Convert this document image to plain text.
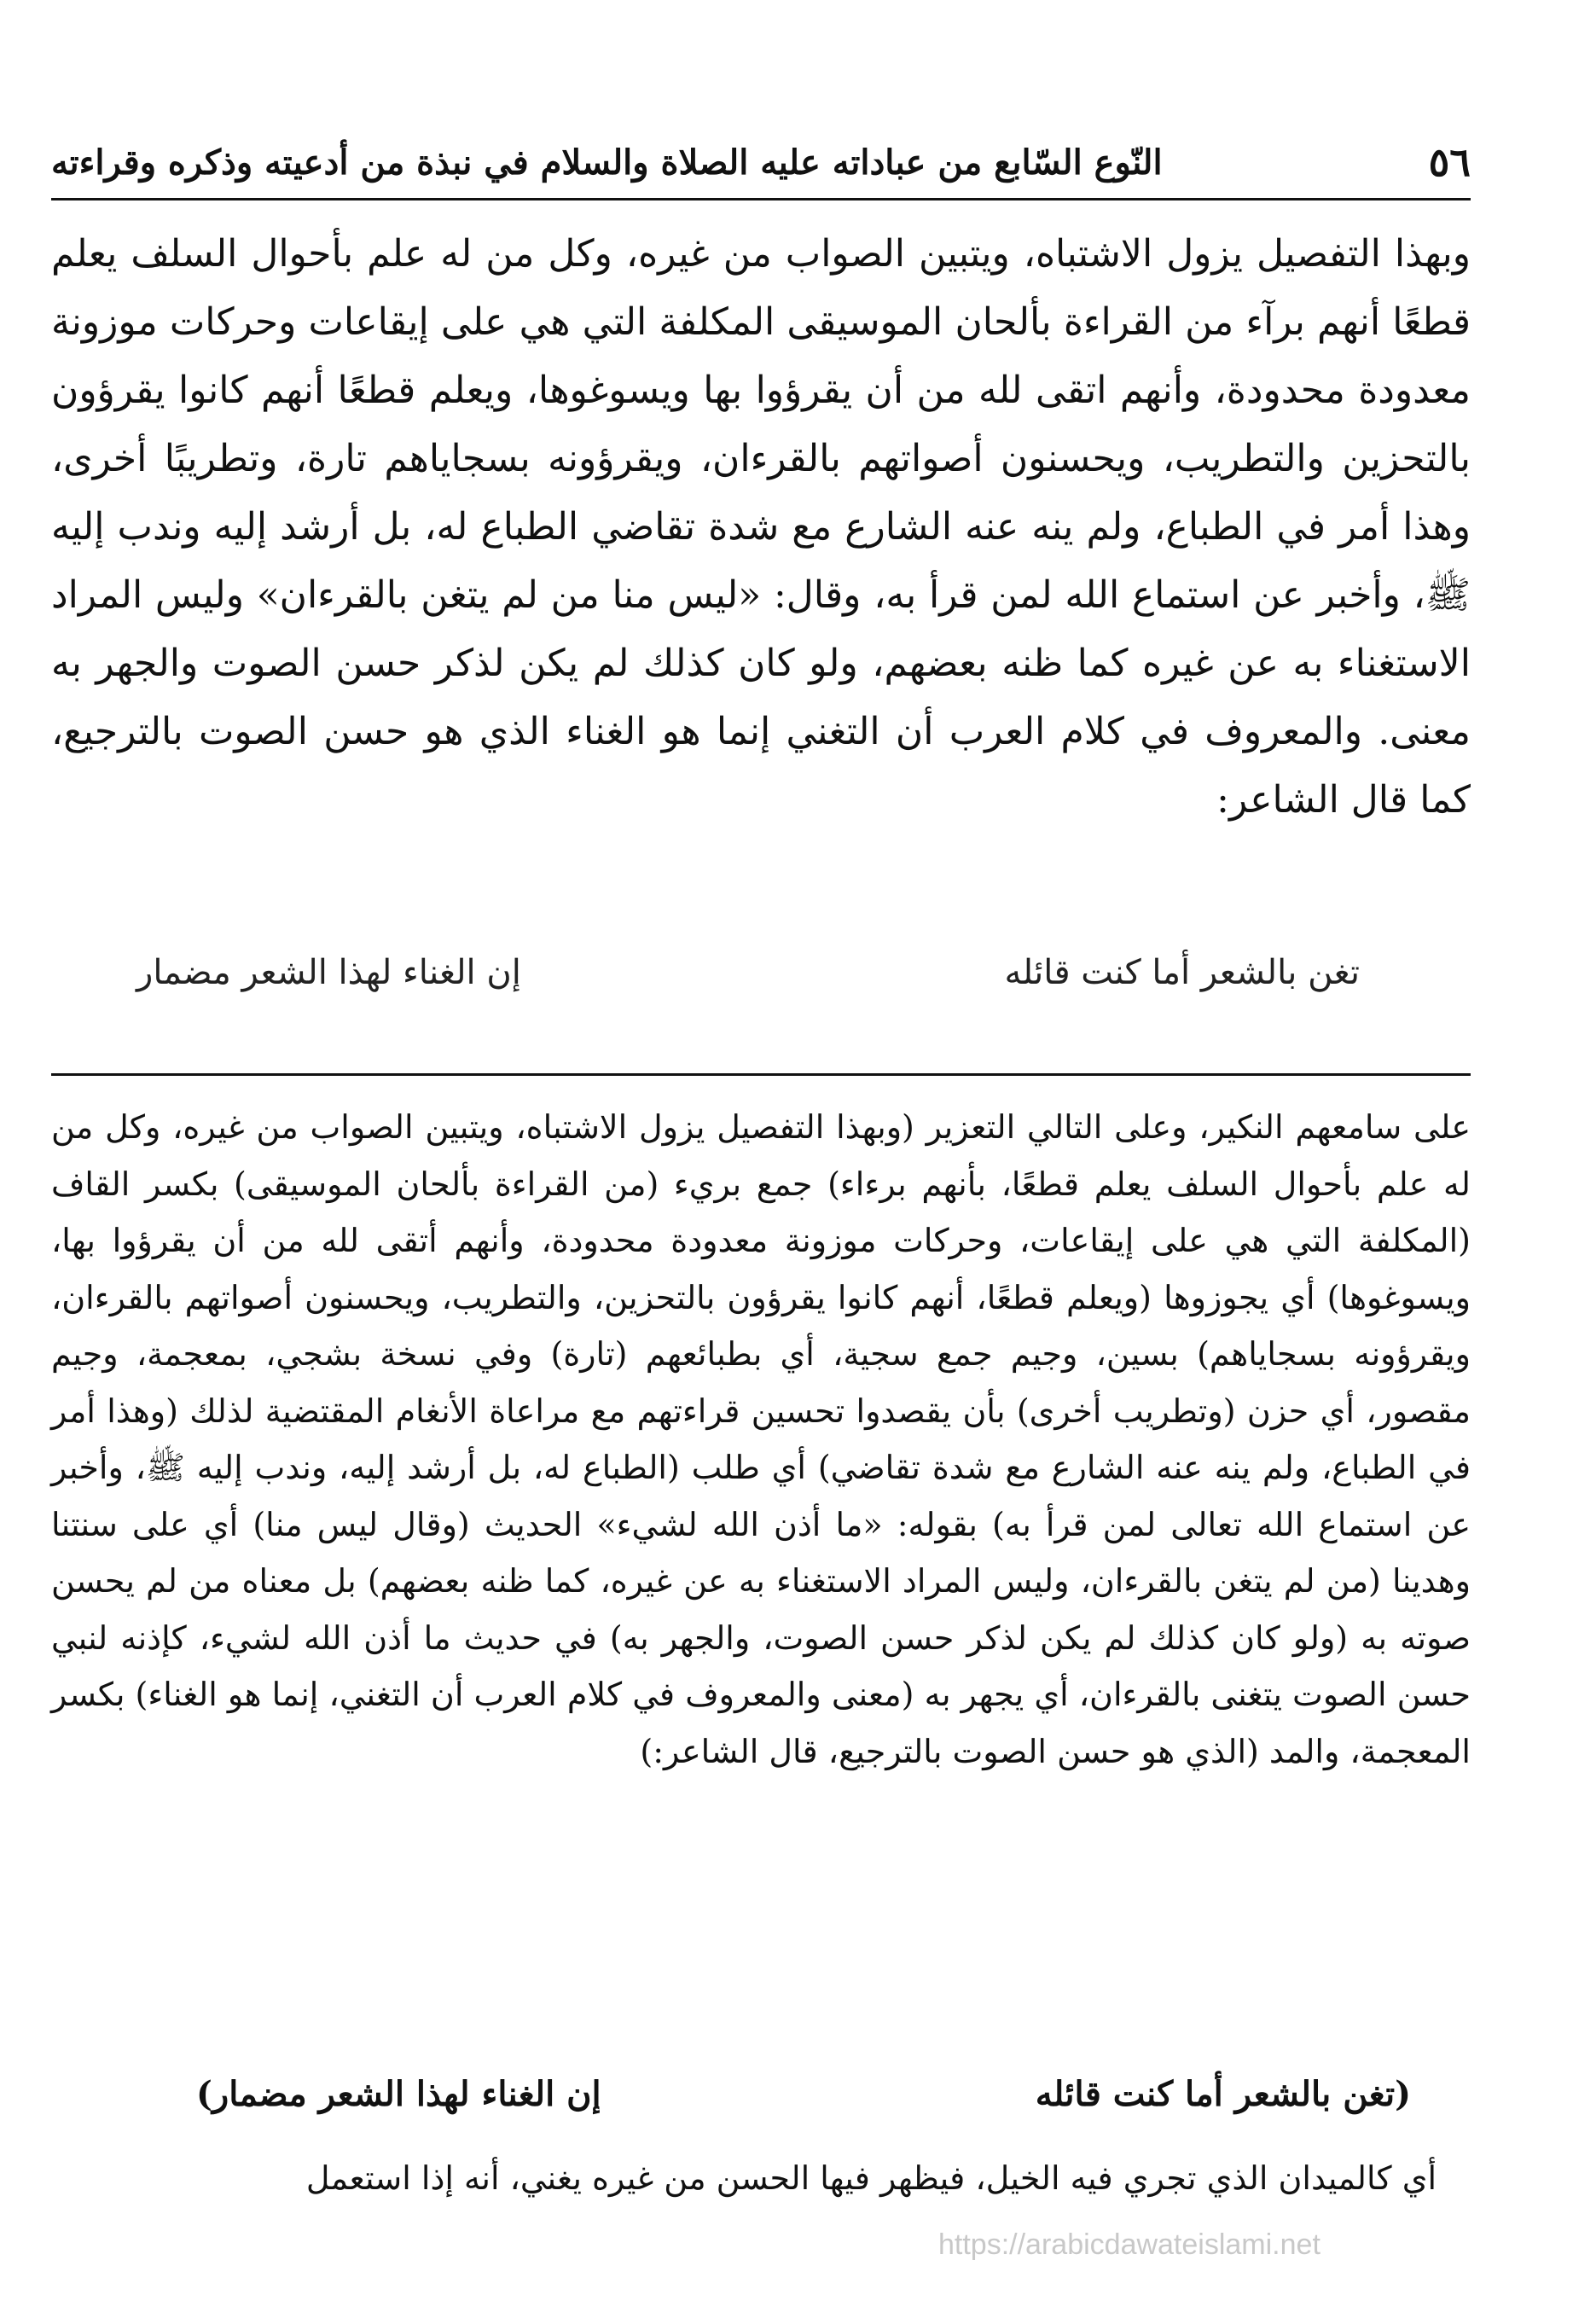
٥٦
النّوع السّابع من عباداته عليه الصلاة والسلام في نبذة من أدعيته وذكره وقراءته

وبهذا التفصيل يزول الاشتباه، ويتبين الصواب من غيره، وكل من له علم بأحوال السلف يعلم قطعًا أنهم برآء من القراءة بألحان الموسيقى المكلفة التي هي على إيقاعات وحركات موزونة معدودة محدودة، وأنهم اتقى لله من أن يقرؤوا بها ويسوغوها، ويعلم قطعًا أنهم كانوا يقرؤون بالتحزين والتطريب، ويحسنون أصواتهم بالقرءان، ويقرؤونه بسجاياهم تارة، وتطريبًا أخرى، وهذا أمر في الطباع، ولم ينه عنه الشارع مع شدة تقاضي الطباع له، بل أرشد إليه وندب إليه ﷺ، وأخبر عن استماع الله لمن قرأ به، وقال: «ليس منا من لم يتغن بالقرءان» وليس المراد الاستغناء به عن غيره كما ظنه بعضهم، ولو كان كذلك لم يكن لذكر حسن الصوت والجهر به معنى. والمعروف في كلام العرب أن التغني إنما هو الغناء الذي هو حسن الصوت بالترجيع، كما قال الشاعر:

تغن بالشعر أما كنت قائله
إن الغناء لهذا الشعر مضمار

على سامعهم النكير، وعلى التالي التعزير (وبهذا التفصيل يزول الاشتباه، ويتبين الصواب من غيره، وكل من له علم بأحوال السلف يعلم قطعًا، بأنهم برءاء) جمع بريء (من القراءة بألحان الموسيقى) بكسر القاف (المكلفة التي هي على إيقاعات، وحركات موزونة معدودة محدودة، وأنهم أتقى لله من أن يقرؤوا بها، ويسوغوها) أي يجوزوها (ويعلم قطعًا، أنهم كانوا يقرؤون بالتحزين، والتطريب، ويحسنون أصواتهم بالقرءان، ويقرؤونه بسجاياهم) بسين، وجيم جمع سجية، أي بطبائعهم (تارة) وفي نسخة بشجي، بمعجمة، وجيم مقصور، أي حزن (وتطريب أخرى) بأن يقصدوا تحسين قراءتهم مع مراعاة الأنغام المقتضية لذلك (وهذا أمر في الطباع، ولم ينه عنه الشارع مع شدة تقاضي) أي طلب (الطباع له، بل أرشد إليه، وندب إليه ﷺ، وأخبر عن استماع الله تعالى لمن قرأ به) بقوله: «ما أذن الله لشيء» الحديث (وقال ليس منا) أي على سنتنا وهدينا (من لم يتغن بالقرءان، وليس المراد الاستغناء به عن غيره، كما ظنه بعضهم) بل معناه من لم يحسن صوته به (ولو كان كذلك لم يكن لذكر حسن الصوت، والجهر به) في حديث ما أذن الله لشيء، كإذنه لنبي حسن الصوت يتغنى بالقرءان، أي يجهر به (معنى والمعروف في كلام العرب أن التغني، إنما هو الغناء) بكسر المعجمة، والمد (الذي هو حسن الصوت بالترجيع، قال الشاعر:)

(تغن بالشعر أما كنت قائله
إن الغناء لهذا الشعر مضمار)
أي كالميدان الذي تجري فيه الخيل، فيظهر فيها الحسن من غيره يغني، أنه إذا استعمل
https://arabicdawateislami.net
